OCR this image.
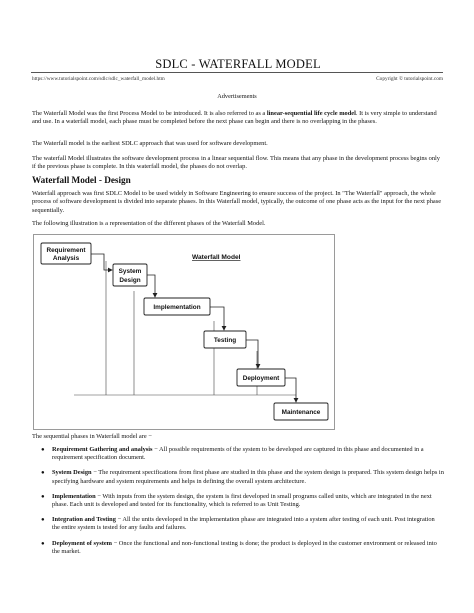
SDLC - WATERFALL MODEL
https://www.tutorialspoint.com/sdlc/sdlc_waterfall_model.htm	Copyright © tutorialspoint.com
Advertisements
The Waterfall Model was the first Process Model to be introduced. It is also referred to as a linear-sequential life cycle model. It is very simple to understand and use. In a waterfall model, each phase must be completed before the next phase can begin and there is no overlapping in the phases.
The Waterfall model is the earliest SDLC approach that was used for software development.
The waterfall Model illustrates the software development process in a linear sequential flow. This means that any phase in the development process begins only if the previous phase is complete. In this waterfall model, the phases do not overlap.
Waterfall Model - Design
Waterfall approach was first SDLC Model to be used widely in Software Engineering to ensure success of the project. In "The Waterfall" approach, the whole process of software development is divided into separate phases. In this Waterfall model, typically, the outcome of one phase acts as the input for the next phase sequentially.
The following illustration is a representation of the different phases of the Waterfall Model.
Waterfall Model
Requirement
Analysis
System
Design
Implementation
Testing
Deployment
Maintenance
The sequential phases in Waterfall model are −
● Requirement Gathering and analysis − All possible requirements of the system to be developed are captured in this phase and documented in a requirement specification document.
● System Design − The requirement specifications from first phase are studied in this phase and the system design is prepared. This system design helps in specifying hardware and system requirements and helps in defining the overall system architecture.
● Implementation − With inputs from the system design, the system is first developed in small programs called units, which are integrated in the next phase. Each unit is developed and tested for its functionality, which is referred to as Unit Testing.
● Integration and Testing − All the units developed in the implementation phase are integrated into a system after testing of each unit. Post integration the entire system is tested for any faults and failures.
● Deployment of system − Once the functional and non-functional testing is done; the product is deployed in the customer environment or released into the market.
